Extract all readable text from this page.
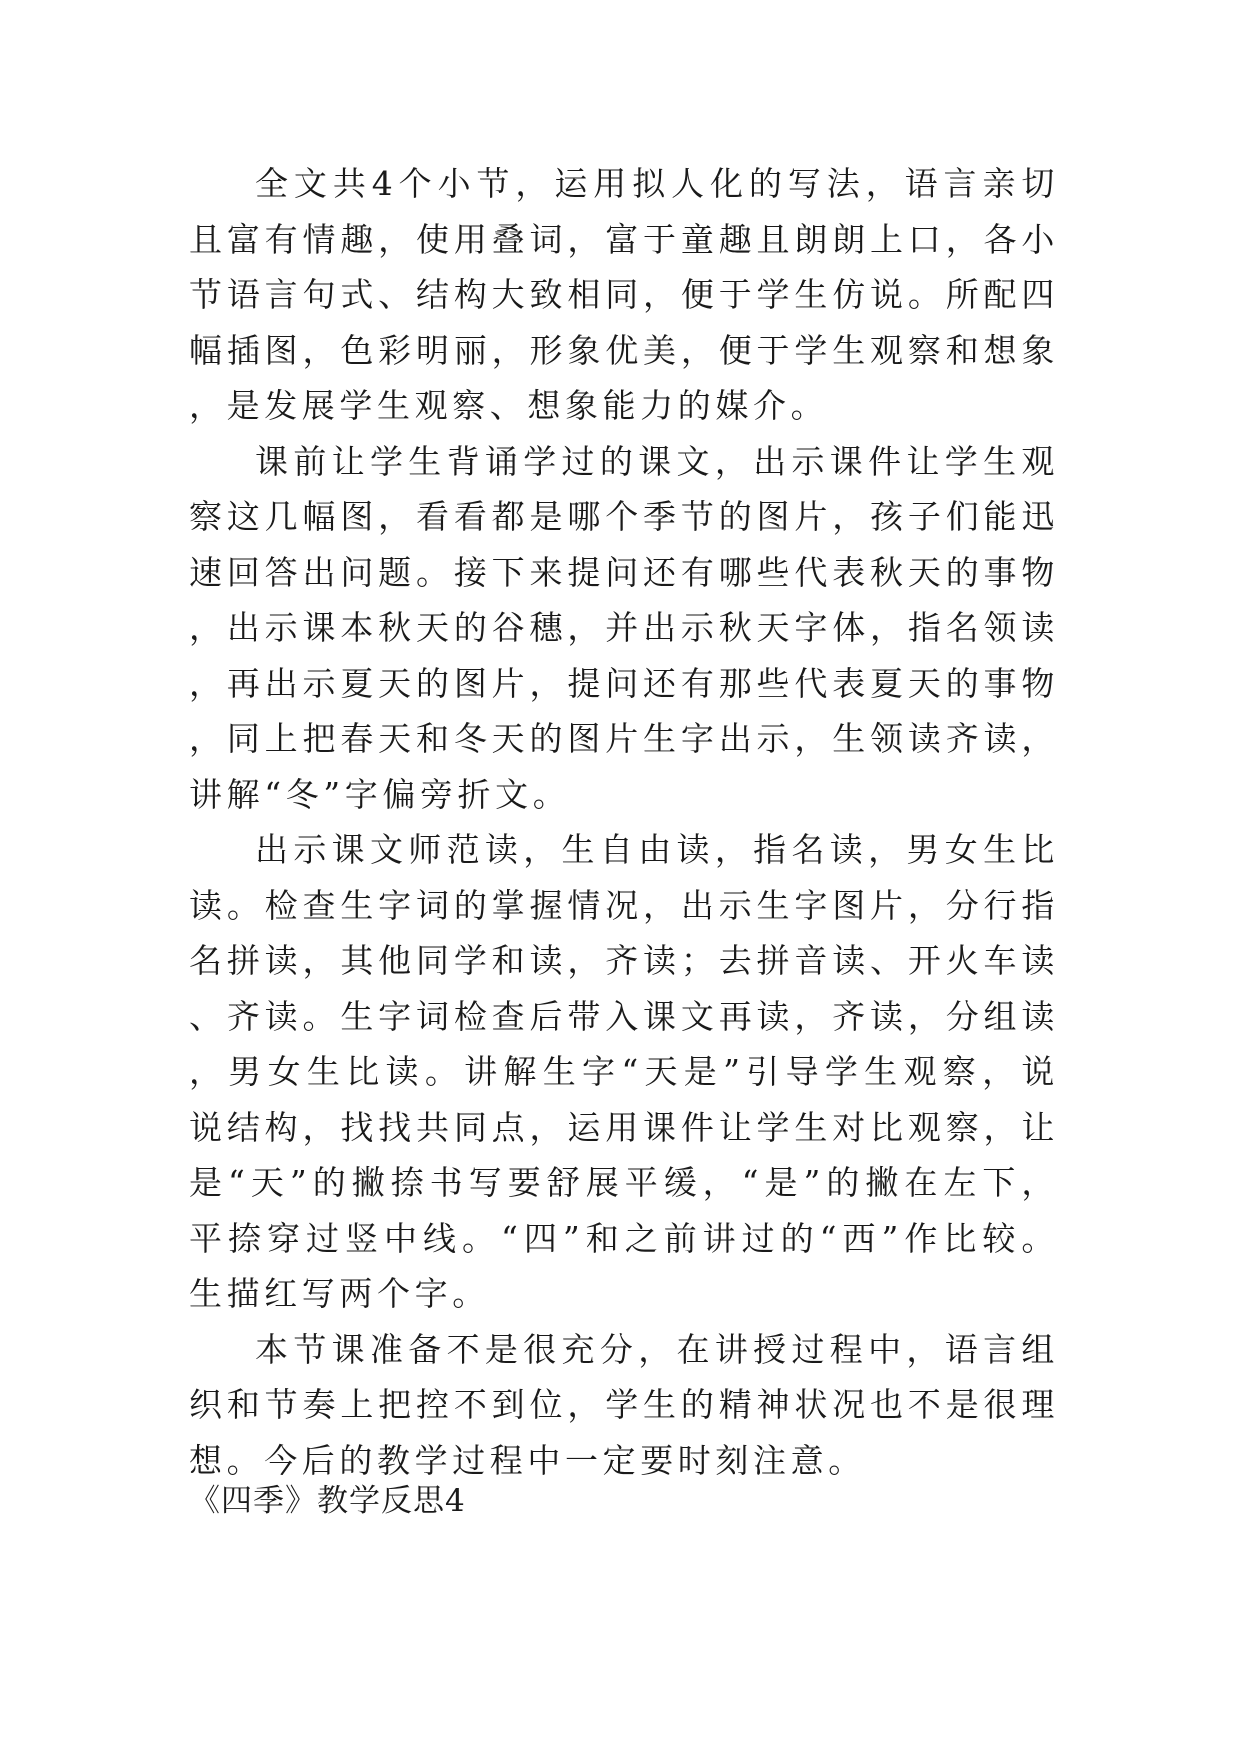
全文共4个小节，运用拟人化的写法，语言亲切且富有情趣，使用叠词，富于童趣且朗朗上口，各小节语言句式、结构大致相同，便于学生仿说。所配四幅插图，色彩明丽，形象优美，便于学生观察和想象，是发展学生观察、想象能力的媒介。

课前让学生背诵学过的课文，出示课件让学生观察这几幅图，看看都是哪个季节的图片，孩子们能迅速回答出问题。接下来提问还有哪些代表秋天的事物，出示课本秋天的谷穗，并出示秋天字体，指名领读，再出示夏天的图片，提问还有那些代表夏天的事物，同上把春天和冬天的图片生字出示，生领读齐读，讲解“冬”字偏旁折文。

出示课文师范读，生自由读，指名读，男女生比读。检查生字词的掌握情况，出示生字图片，分行指名拼读，其他同学和读，齐读；去拼音读、开火车读、齐读。生字词检查后带入课文再读，齐读，分组读，男女生比读。讲解生字“天是”引导学生观察，说说结构，找找共同点，运用课件让学生对比观察，让是“天”的撇捺书写要舒展平缓，“是”的撇在左下，平捺穿过竖中线。“四”和之前讲过的“西”作比较。生描红写两个字。

本节课准备不是很充分，在讲授过程中，语言组织和节奏上把控不到位，学生的精神状况也不是很理想。今后的教学过程中一定要时刻注意。

《四季》教学反思4
